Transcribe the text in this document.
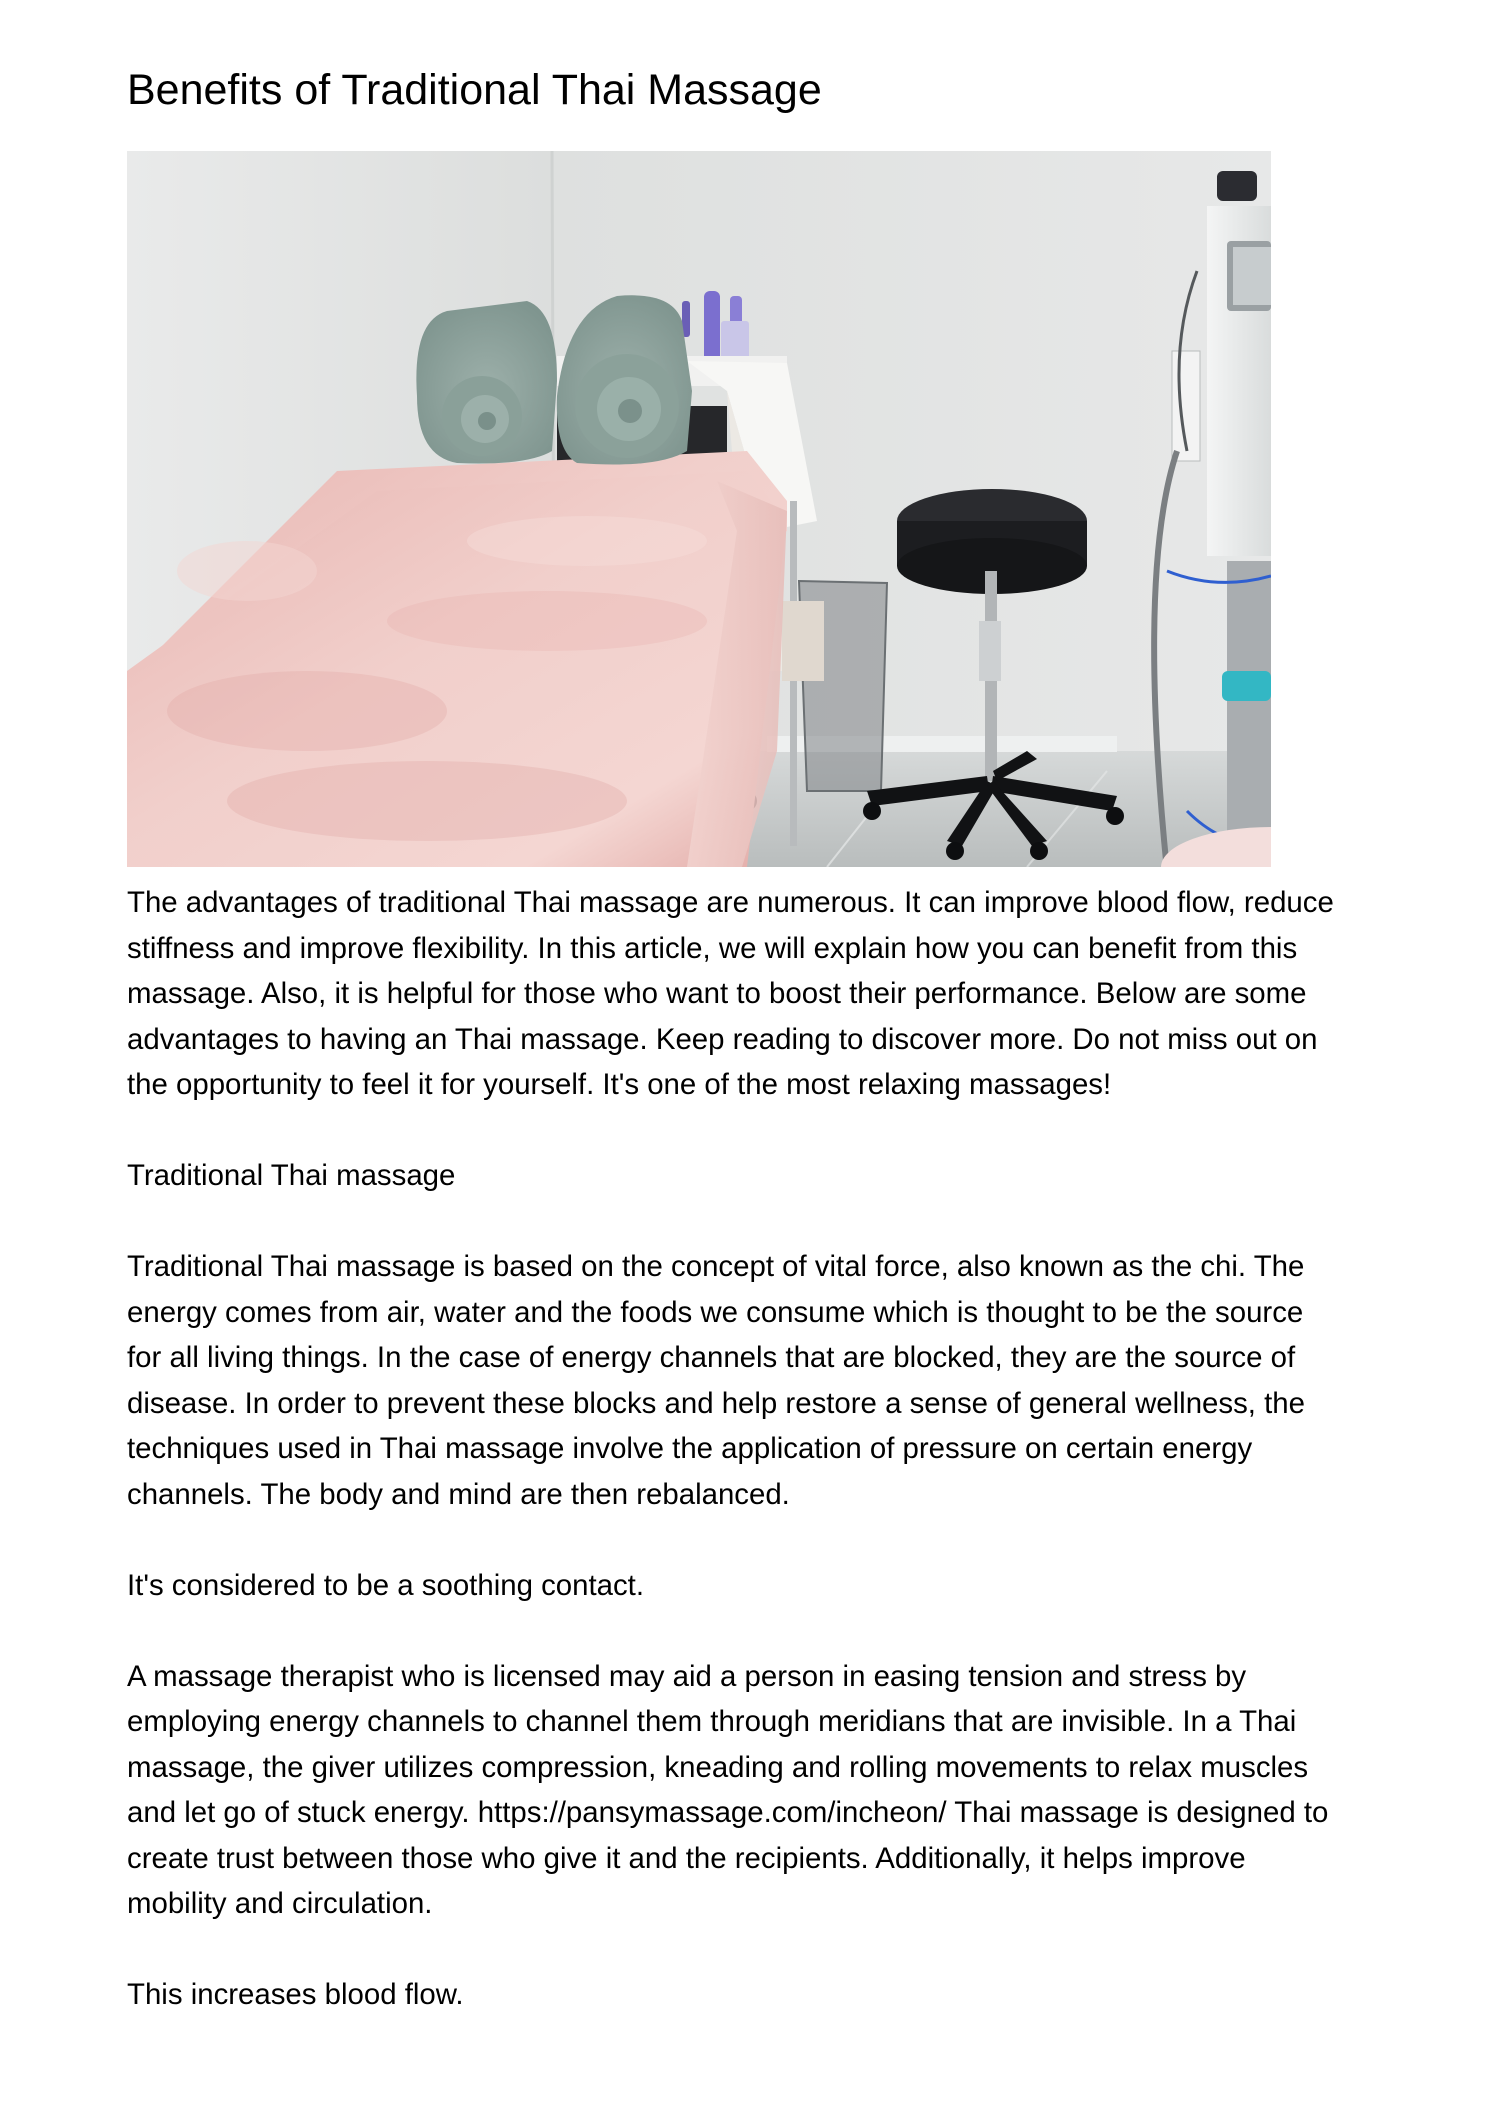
Benefits of Traditional Thai Massage

The advantages of traditional Thai massage are numerous. It can improve blood flow, reduce
stiffness and improve flexibility. In this article, we will explain how you can benefit from this
massage. Also, it is helpful for those who want to boost their performance. Below are some
advantages to having an Thai massage. Keep reading to discover more. Do not miss out on
the opportunity to feel it for yourself. It's one of the most relaxing massages!

Traditional Thai massage

Traditional Thai massage is based on the concept of vital force, also known as the chi. The
energy comes from air, water and the foods we consume which is thought to be the source
for all living things. In the case of energy channels that are blocked, they are the source of
disease. In order to prevent these blocks and help restore a sense of general wellness, the
techniques used in Thai massage involve the application of pressure on certain energy
channels. The body and mind are then rebalanced.

It's considered to be a soothing contact.

A massage therapist who is licensed may aid a person in easing tension and stress by
employing energy channels to channel them through meridians that are invisible. In a Thai
massage, the giver utilizes compression, kneading and rolling movements to relax muscles
and let go of stuck energy. https://pansymassage.com/incheon/ Thai massage is designed to
create trust between those who give it and the recipients. Additionally, it helps improve
mobility and circulation.

This increases blood flow.
